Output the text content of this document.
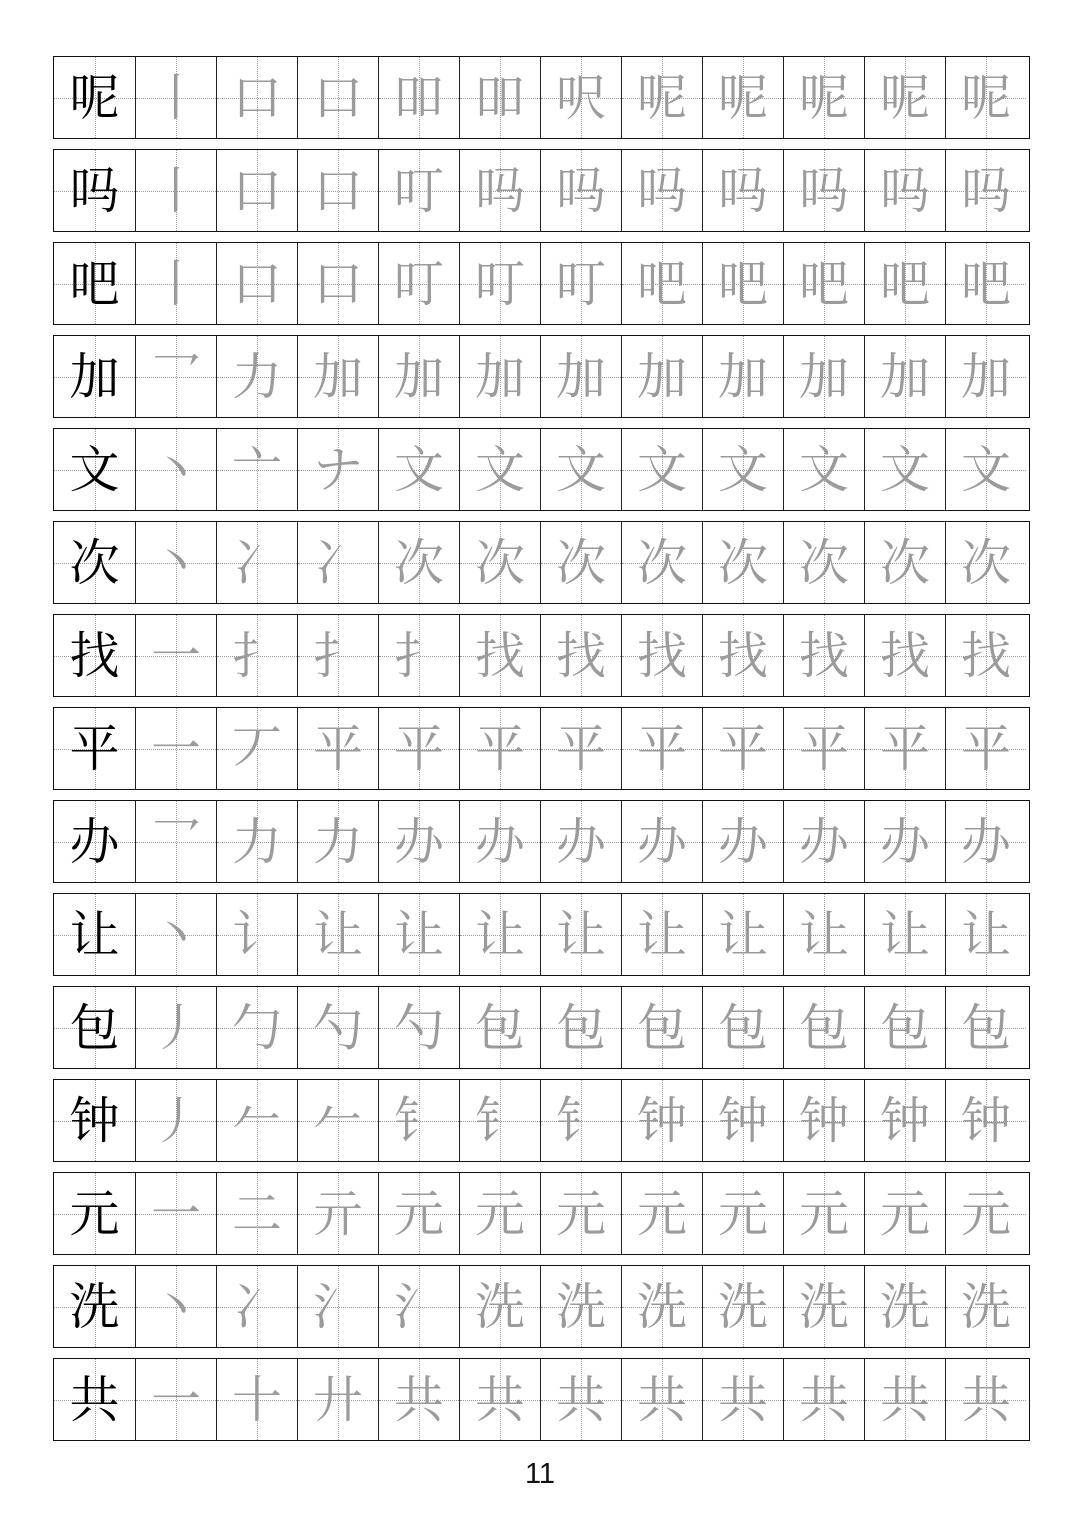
呢 丨 口 口 吅 吅 呎 呢 呢 呢 呢 呢
吗 丨 口 口 叮 吗 吗 吗 吗 吗 吗 吗
吧 丨 口 口 叮 叮 叮 吧 吧 吧 吧 吧
加 乛 力 加 加 加 加 加 加 加 加 加
文 丶 亠 ナ 文 文 文 文 文 文 文 文
次 丶 冫 冫 次 次 次 次 次 次 次 次
找 一 扌 扌 扌 找 找 找 找 找 找 找
平 一 丆 平 平 平 平 平 平 平 平 平
办 乛 力 力 办 办 办 办 办 办 办 办
让 丶 讠 让 让 让 让 让 让 让 让 让
包 丿 勹 勺 勺 包 包 包 包 包 包 包
钟 丿 𠂉 𠂉 钅 钅 钅 钟 钟 钟 钟 钟
元 一 二 亓 元 元 元 元 元 元 元 元
洗 丶 冫 氵 氵 洗 洗 洗 洗 洗 洗 洗
共 一 十 廾 共 共 共 共 共 共 共 共
11
